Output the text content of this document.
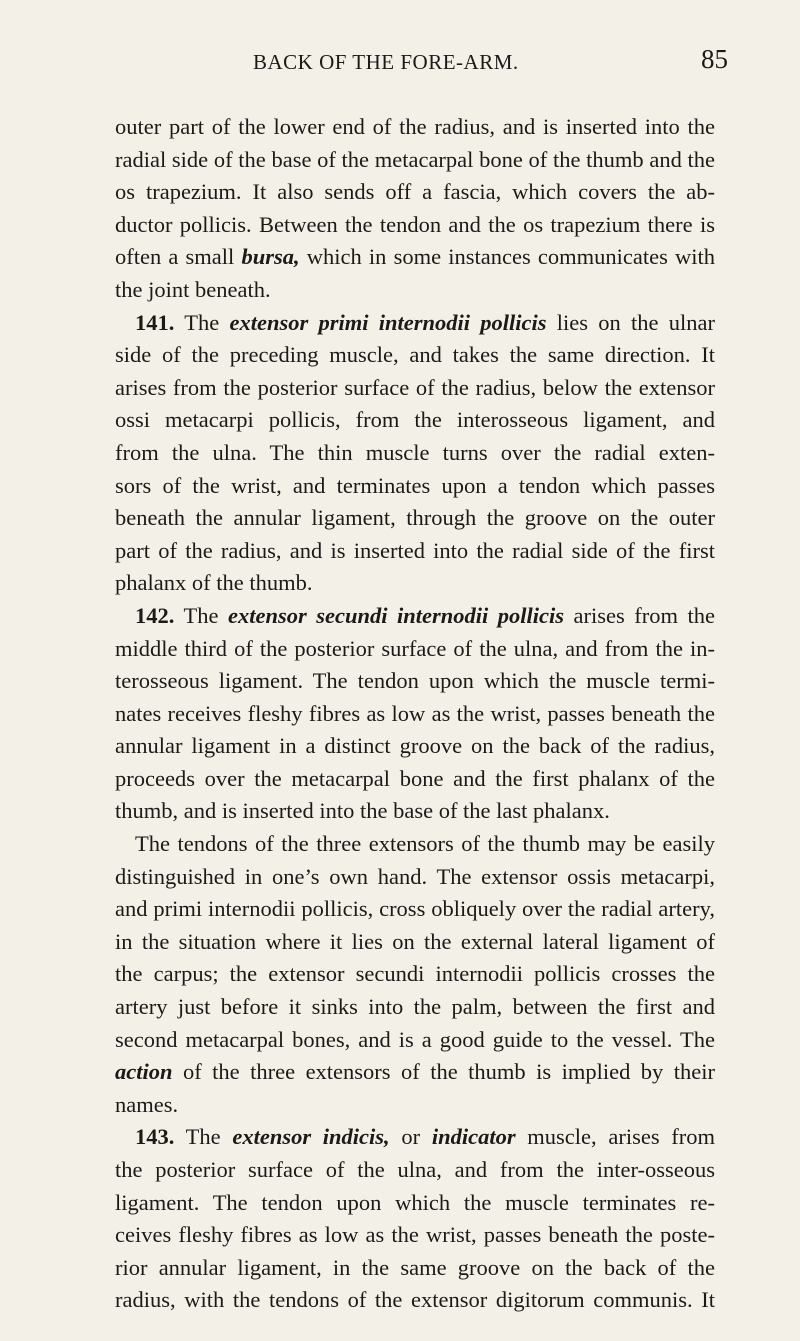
BACK OF THE FORE-ARM.	85
outer part of the lower end of the radius, and is inserted into the
radial side of the base of the metacarpal bone of the thumb and the
os trapezium. It also sends off a fascia, which covers the ab-
ductor pollicis. Between the tendon and the os trapezium there is
often a small bursa, which in some instances communicates with
the joint beneath.
141. The extensor primi internodii pollicis lies on the ulnar
side of the preceding muscle, and takes the same direction. It
arises from the posterior surface of the radius, below the extensor
ossi metacarpi pollicis, from the interosseous ligament, and
from the ulna. The thin muscle turns over the radial exten-
sors of the wrist, and terminates upon a tendon which passes
beneath the annular ligament, through the groove on the outer
part of the radius, and is inserted into the radial side of the first
phalanx of the thumb.
142. The extensor secundi internodii pollicis arises from the
middle third of the posterior surface of the ulna, and from the in-
terosseous ligament. The tendon upon which the muscle termi-
nates receives fleshy fibres as low as the wrist, passes beneath the
annular ligament in a distinct groove on the back of the radius,
proceeds over the metacarpal bone and the first phalanx of the
thumb, and is inserted into the base of the last phalanx.
The tendons of the three extensors of the thumb may be easily
distinguished in one’s own hand. The extensor ossis metacarpi,
and primi internodii pollicis, cross obliquely over the radial artery,
in the situation where it lies on the external lateral ligament of
the carpus; the extensor secundi internodii pollicis crosses the
artery just before it sinks into the palm, between the first and
second metacarpal bones, and is a good guide to the vessel. The
action of the three extensors of the thumb is implied by their
names.
143. The extensor indicis, or indicator muscle, arises from
the posterior surface of the ulna, and from the inter-osseous
ligament. The tendon upon which the muscle terminates re-
ceives fleshy fibres as low as the wrist, passes beneath the poste-
rior annular ligament, in the same groove on the back of the
radius, with the tendons of the extensor digitorum communis. It
